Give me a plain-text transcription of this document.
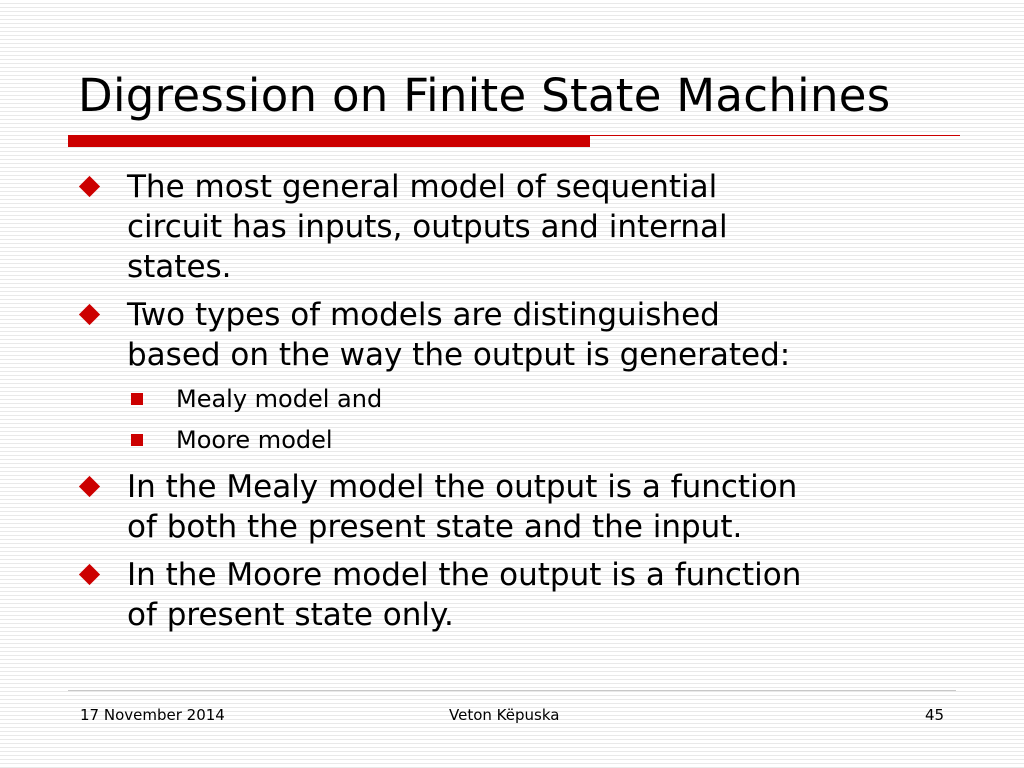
Digression on Finite State Machines
The most general model of sequential
circuit has inputs, outputs and internal
states.
Two types of models are distinguished
based on the way the output is generated:
Mealy model and
Moore model
In the Mealy model the output is a function
of both the present state and the input.
In the Moore model the output is a function
of present state only.
17 November 2014	Veton Këpuska	45
